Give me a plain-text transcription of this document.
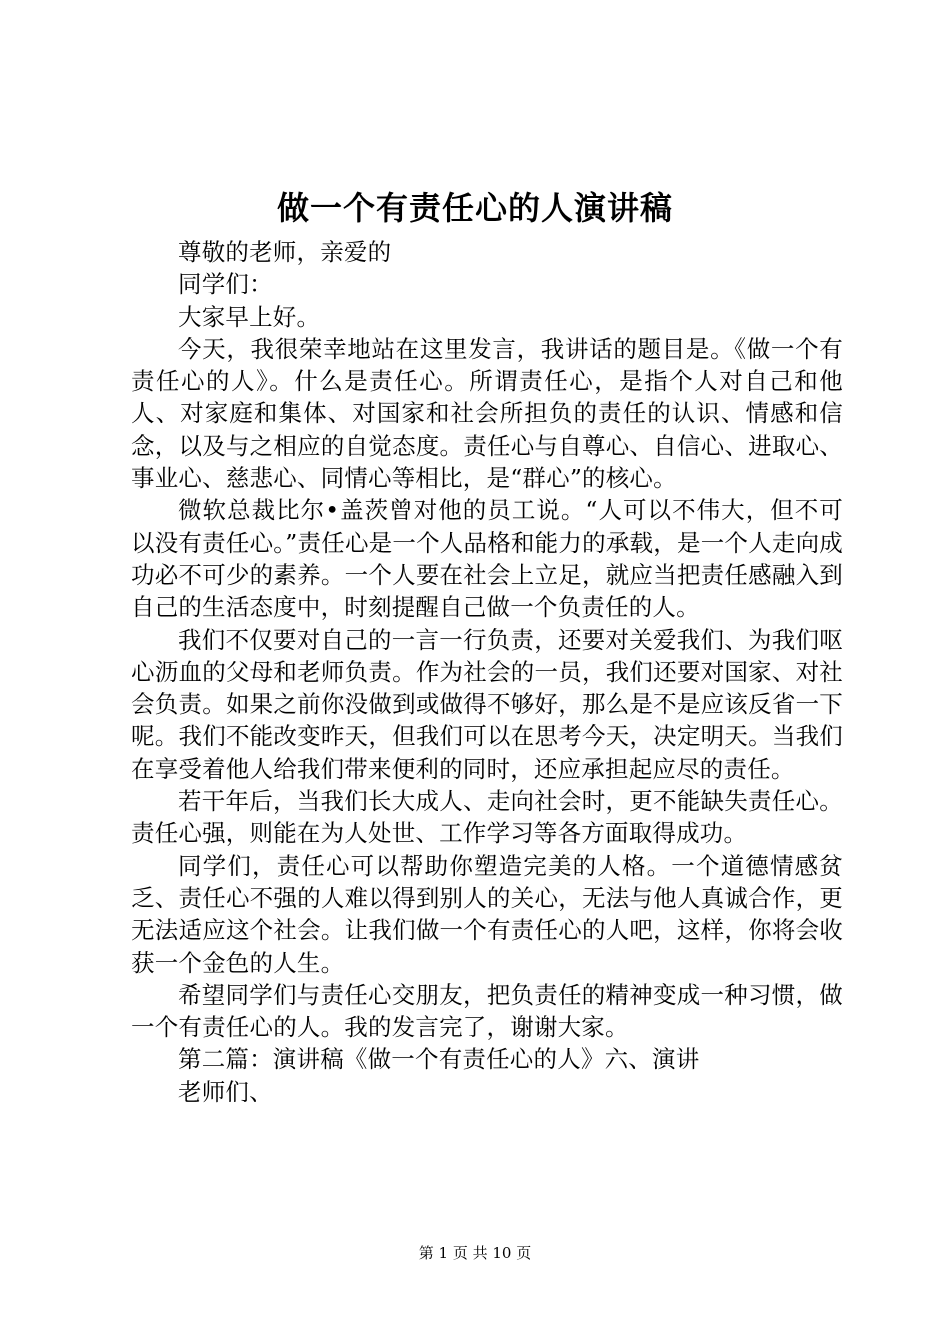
做一个有责任心的人演讲稿

尊敬的老师，亲爱的

同学们：

大家早上好。

今天，我很荣幸地站在这里发言，我讲话的题目是。《做一个有责任心的人》。什么是责任心。所谓责任心，是指个人对自己和他人、对家庭和集体、对国家和社会所担负的责任的认识、情感和信念，以及与之相应的自觉态度。责任心与自尊心、自信心、进取心、事业心、慈悲心、同情心等相比，是“群心”的核心。

微软总裁比尔•盖茨曾对他的员工说。“人可以不伟大，但不可以没有责任心。”责任心是一个人品格和能力的承载，是一个人走向成功必不可少的素养。一个人要在社会上立足，就应当把责任感融入到自己的生活态度中，时刻提醒自己做一个负责任的人。

我们不仅要对自己的一言一行负责，还要对关爱我们、为我们呕心沥血的父母和老师负责。作为社会的一员，我们还要对国家、对社会负责。如果之前你没做到或做得不够好，那么是不是应该反省一下呢。我们不能改变昨天，但我们可以在思考今天，决定明天。当我们在享受着他人给我们带来便利的同时，还应承担起应尽的责任。

若干年后，当我们长大成人、走向社会时，更不能缺失责任心。责任心强，则能在为人处世、工作学习等各方面取得成功。

同学们，责任心可以帮助你塑造完美的人格。一个道德情感贫乏、责任心不强的人难以得到别人的关心，无法与他人真诚合作，更无法适应这个社会。让我们做一个有责任心的人吧，这样，你将会收获一个金色的人生。

希望同学们与责任心交朋友，把负责任的精神变成一种习惯，做一个有责任心的人。我的发言完了，谢谢大家。

第二篇：演讲稿《做一个有责任心的人》六、演讲

老师们、

第 1 页 共 10 页
